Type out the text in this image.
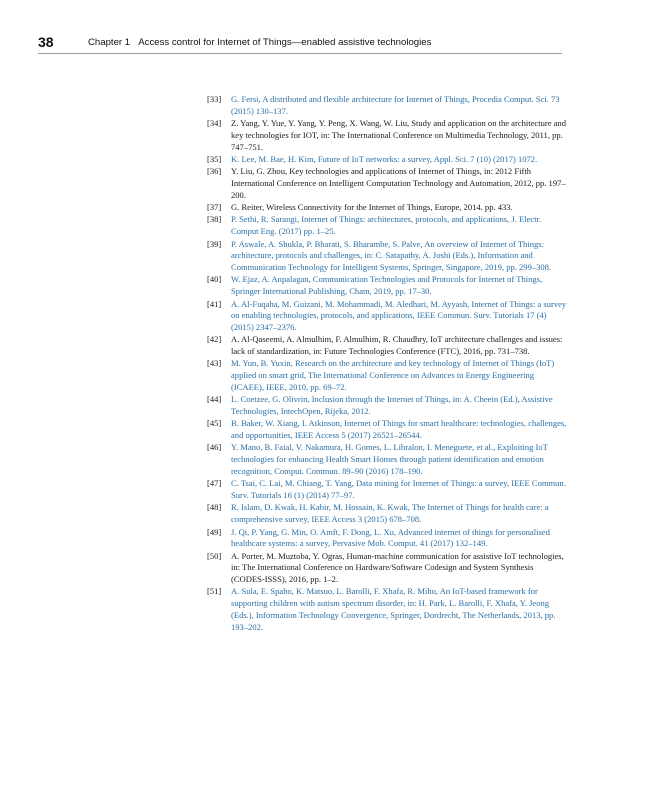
38	Chapter 1 Access control for Internet of Things—enabled assistive technologies
[33] G. Fersi, A distributed and flexible architecture for Internet of Things, Procedia Comput. Sci. 73 (2015) 130–137.
[34] Z. Yang, Y. Yue, Y. Yang, Y. Peng, X. Wang, W. Liu, Study and application on the architecture and key technologies for IOT, in: The International Conference on Multimedia Technology, 2011, pp. 747–751.
[35] K. Lee, M. Bae, H. Kim, Future of IoT networks: a survey, Appl. Sci. 7 (10) (2017) 1072.
[36] Y. Liu, G. Zhou, Key technologies and applications of Internet of Things, in: 2012 Fifth International Conference on Intelligent Computation Technology and Automation, 2012, pp. 197–200.
[37] G. Reiter, Wireless Connectivity for the Internet of Things, Europe, 2014. pp. 433.
[38] P. Sethi, R. Sarangi, Internet of Things: architectures, protocols, and applications, J. Electr. Comput Eng. (2017) pp. 1–25.
[39] P. Aswale, A. Shukla, P. Bharati, S. Bharambe, S. Palve, An overview of Internet of Things: architecture, protocols and challenges, in: C. Satapathy, A. Joshi (Eds.), Information and Communication Technology for Intelligent Systems, Springer, Singapore, 2019, pp. 299–308.
[40] W. Ejaz, A. Anpalagan, Communication Technologies and Protocols for Internet of Things, Springer International Publishing, Cham, 2019, pp. 17–30.
[41] A. Al-Fuqaha, M. Guizani, M. Mohammadi, M. Aledhari, M. Ayyash, Internet of Things: a survey on enabling technologies, protocols, and applications, IEEE Commun. Surv. Tutorials 17 (4) (2015) 2347–2376.
[42] A. Al-Qaseemi, A. Almulhim, F. Almulhim, R. Chaudhry, IoT architecture challenges and issues: lack of standardization, in: Future Technologies Conference (FTC), 2016, pp. 731–738.
[43] M. Yun, B. Yuxin, Research on the architecture and key technology of Internet of Things (IoT) applied on smart grid, The International Conference on Advances in Energy Engineering (ICAEE), IEEE, 2010, pp. 69–72.
[44] L. Coetzee, G. Olivrin, Inclusion through the Internet of Things, in: A. Cheein (Ed.), Assistive Technologies, IntechOpen, Rijeka, 2012.
[45] B. Baker, W. Xiang, I. Atkinson, Internet of Things for smart healthcare: technologies, challenges, and opportunities, IEEE Access 5 (2017) 26521–26544.
[46] Y. Mano, B. Faial, V. Nakamura, H. Gomes, L. Libralon, I. Meneguete, et al., Exploiting IoT technologies for enhancing Health Smart Homes through patient identification and emotion recognition, Comput. Commun. 89–90 (2016) 178–190.
[47] C. Tsai, C. Lai, M. Chiang, T. Yang, Data mining for Internet of Things: a survey, IEEE Commun. Surv. Tutorials 16 (1) (2014) 77–97.
[48] R. Islam, D. Kwak, H. Kabir, M. Hossain, K. Kwak, The Internet of Things for health care: a comprehensive survey, IEEE Access 3 (2015) 678–708.
[49] J. Qi, P. Yang, G. Min, O. Amft, F. Dong, L. Xu, Advanced internet of things for personalised healthcare systems: a survey, Pervasive Mob. Comput. 41 (2017) 132–149.
[50] A. Porter, M. Muztoba, Y. Ogras, Human-machine communication for assistive IoT technologies, in: The International Conference on Hardware/Software Codesign and System Synthesis (CODES-ISSS), 2016, pp. 1–2.
[51] A. Sula, E. Spaho, K. Matsuo, L. Barolli, F. Xhafa, R. Miho, An IoT-based framework for supporting children with autism spectrum disorder, in: H. Park, L. Barolli, F. Xhafa, Y. Jeong (Eds.), Information Technology Convergence, Springer, Dordrecht, The Netherlands, 2013, pp. 193–202.
